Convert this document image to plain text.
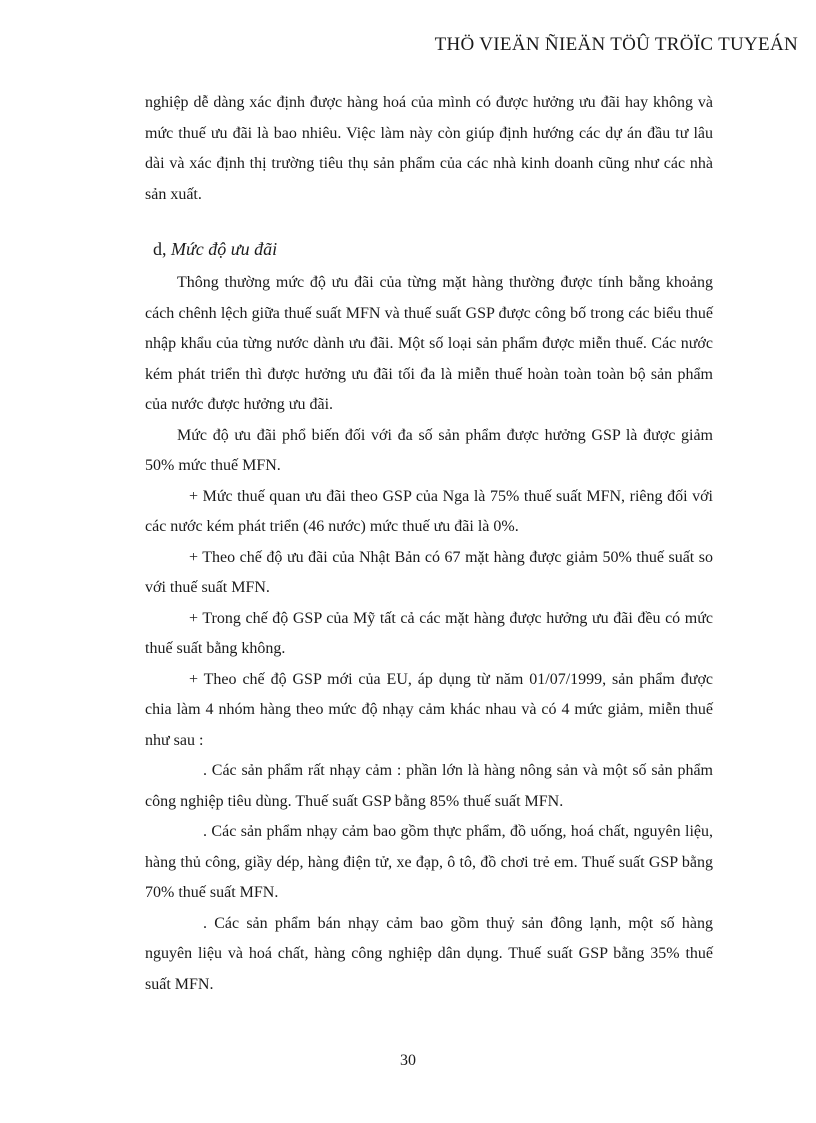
THÖ VIEÄN ÑIEÄN TÖÛ TRÖÏC TUYEÁN

nghiệp dễ dàng xác định được hàng hoá của mình có được hưởng ưu đãi hay không và mức thuế ưu đãi là bao nhiêu. Việc làm này còn giúp định hướng các dự án đầu tư lâu dài và xác định thị trường tiêu thụ sản phẩm của các nhà kinh doanh cũng như các nhà sản xuất.

d, Mức độ ưu đãi

Thông thường mức độ ưu đãi của từng mặt hàng thường được tính bằng khoảng cách chênh lệch giữa thuế suất MFN và thuế suất GSP được công bố trong các biểu thuế nhập khẩu của từng nước dành ưu đãi. Một số loại sản phẩm được miễn thuế. Các nước kém phát triển thì được hưởng ưu đãi tối đa là miễn thuế hoàn toàn toàn bộ sản phẩm của nước được hưởng ưu đãi.

Mức độ ưu đãi phổ biến đối với đa số sản phẩm được hưởng GSP là được giảm 50% mức thuế MFN.

+ Mức thuế quan ưu đãi theo GSP của Nga là 75% thuế suất MFN, riêng đối với các nước kém phát triển (46 nước) mức thuế ưu đãi là 0%.

+ Theo chế độ ưu đãi của Nhật Bản có 67 mặt hàng được giảm 50% thuế suất so với thuế suất MFN.

+ Trong chế độ GSP của Mỹ tất cả các mặt hàng được hưởng ưu đãi đều có mức thuế suất bằng không.

+ Theo chế độ GSP mới của EU, áp dụng từ năm 01/07/1999, sản phẩm được chia làm 4 nhóm hàng theo mức độ nhạy cảm khác nhau và có 4 mức giảm, miễn thuế như sau :

. Các sản phẩm rất nhạy cảm : phần lớn là hàng nông sản và một số sản phẩm công nghiệp tiêu dùng. Thuế suất GSP bằng 85% thuế suất MFN.

. Các sản phẩm nhạy cảm bao gồm thực phẩm, đồ uống, hoá chất, nguyên liệu, hàng thủ công, giầy dép, hàng điện tử, xe đạp, ô tô, đồ chơi trẻ em. Thuế suất GSP bằng 70% thuế suất MFN.

. Các sản phẩm bán nhạy cảm bao gồm thuỷ sản đông lạnh, một số hàng nguyên liệu và hoá chất, hàng công nghiệp dân dụng. Thuế suất GSP bằng 35% thuế suất MFN.

30
